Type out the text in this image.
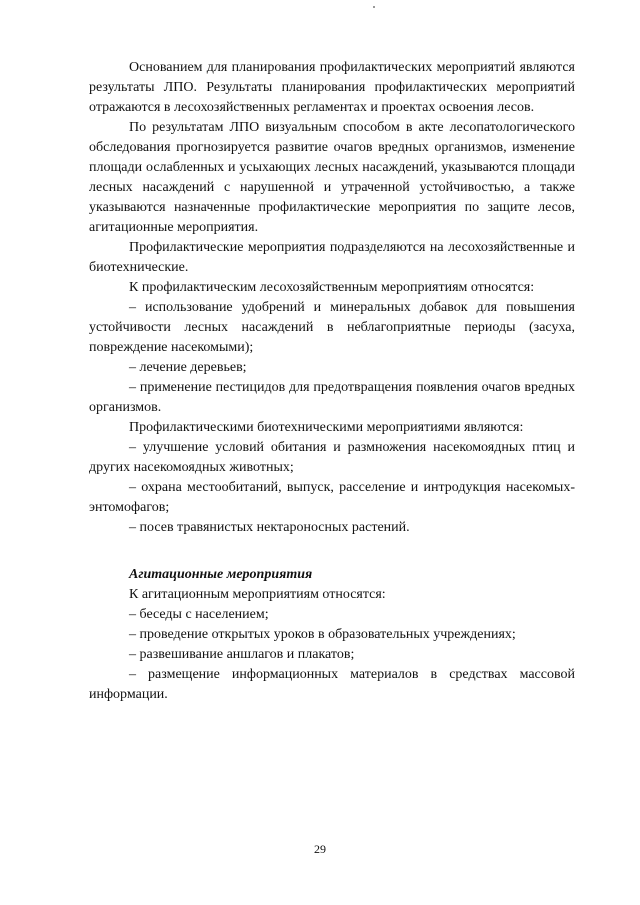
Основанием для планирования профилактических мероприятий являются результаты ЛПО. Результаты планирования профилактических мероприятий отражаются в лесохозяйственных регламентах и проектах освоения лесов.

По результатам ЛПО визуальным способом в акте лесопатологического обследования прогнозируется развитие очагов вредных организмов, изменение площади ослабленных и усыхающих лесных насаждений, указываются площади лесных насаждений с нарушенной и утраченной устойчивостью, а также указываются назначенные профилактические мероприятия по защите лесов, агитационные мероприятия.

Профилактические мероприятия подразделяются на лесохозяйственные и биотехнические.

К профилактическим лесохозяйственным мероприятиям относятся:

– использование удобрений и минеральных добавок для повышения устойчивости лесных насаждений в неблагоприятные периоды (засуха, повреждение насекомыми);

– лечение деревьев;

– применение пестицидов для предотвращения появления очагов вредных организмов.

Профилактическими биотехническими мероприятиями являются:

– улучшение условий обитания и размножения насекомоядных птиц и других насекомоядных животных;

– охрана местообитаний, выпуск, расселение и интродукция насекомых-энтомофагов;

– посев травянистых нектароносных растений.

Агитационные мероприятия

К агитационным мероприятиям относятся:

– беседы с населением;

– проведение открытых уроков в образовательных учреждениях;

– развешивание аншлагов и плакатов;

– размещение информационных материалов в средствах массовой информации.

29
